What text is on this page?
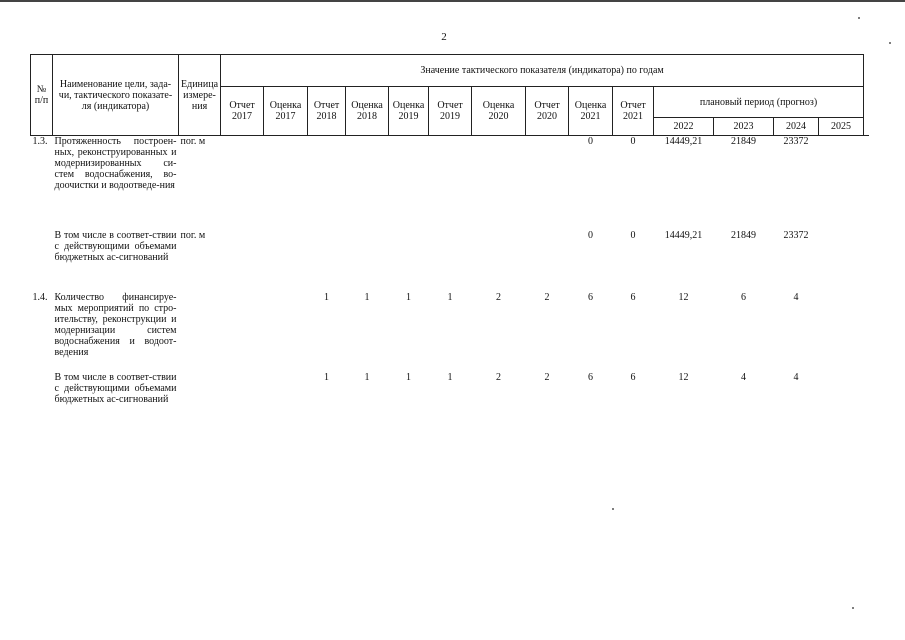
2
№ п/п	Наименование цели, зада-чи, тактического показате-ля (индикатора)	Единица измере-ния	Значение тактического показателя (индикатора) по годам													
			Отчет 2017	Оценка 2017	Отчет 2018	Оценка 2018	Оценка 2019	Отчет 2019	Оценка 2020	Отчет 2020	Оценка 2021	Отчет 2021	плановый период (прогноз)			
													2022	2023	2024	2025
1.3.	Протяженность построен-ных, реконструированных и модернизированных си-стем водоснабжения, во-доочистки и водоотведе-ния	пог. м									0	0	14449,21	21849	23372	
	В том числе в соответ-ствии с действующими объемами бюджетных ас-сигнований	пог. м									0	0	14449,21	21849	23372	
1.4.	Количество финансируе-мых мероприятий по стро-ительству, реконструкции и модернизации систем водоснабжения и водоот-ведения				1	1	1	1	2	2	6	6	12	6	4	
	В том числе в соответ-ствии с действующими объемами бюджетных ас-сигнований				1	1	1	1	2	2	6	6	12	4	4	
